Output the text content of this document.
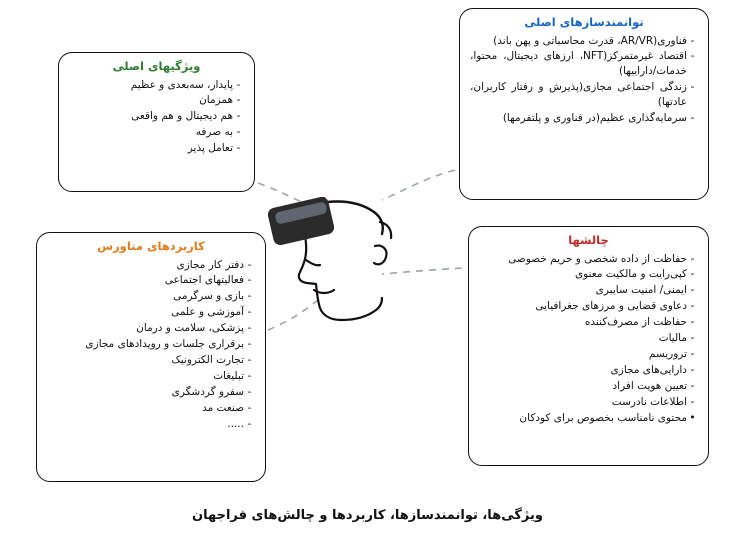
ویژگیهای اصلی
-
پایدار، سه‌بعدی و عظیم
-
همزمان
-
هم دیجیتال و هم واقعی
-
به صرفه
-
تعامل پذیر
توانمندسازهای اصلی
-
فناوری(AR/VR، قدرت محاسباتی و پهن باند)
-
اقتصاد غیرمتمرکز(NFT، ارزهای دیجیتال، محتوا، خدمات/داراییها)
-
زندگی اجتماعی مجازی(پذیرش و رفتار کاربران، عادتها)
-
سرمایه‌گذاری عظیم(در فناوری و پلتفرمها)
کاربردهای متاورس
-
دفتر کار مجازی
-
فعالیتهای اجتماعی
-
بازی و سرگرمی
-
آموزشی و علمی
-
پزشکی، سلامت و درمان
-
برقراری جلسات و رویدادهای مجازی
-
تجارت الکترونیک
-
تبلیغات
-
سفرو گردشگری
-
صنعت مد
-
.....
چالشها
-
حفاظت از داده شخصی و حریم خصوصی
-
کپی‌رایت و مالکیت معنوی
-
ایمنی/ امنیت سایبری
-
دعاوی قضایی و مرزهای جغرافیایی
-
حفاظت از مصرف‌کننده
-
مالیات
-
تروریسم
-
دارایی‌های مجازی
-
تعیین هویت افراد
-
اطلاعات نادرست
•
محتوی نامناسب بخصوص برای کودکان
ویژگی‌ها، توانمندسازها، کاربردها و چالش‌های فراجهان
